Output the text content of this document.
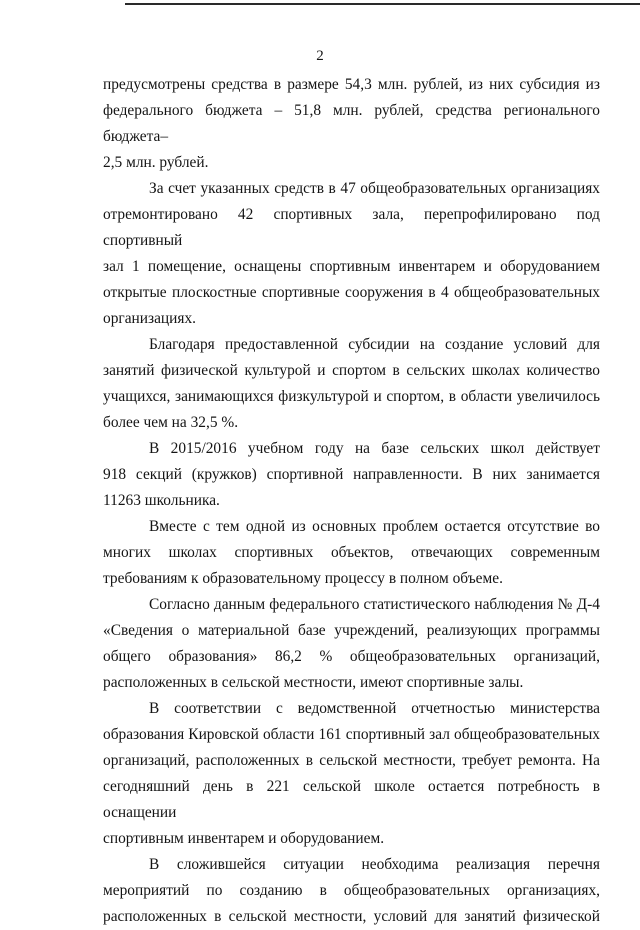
2
предусмотрены средства в размере 54,3 млн. рублей, из них субсидия из
федерального бюджета – 51,8 млн. рублей, средства регионального бюджета–
2,5 млн. рублей.
За счет указанных средств в 47 общеобразовательных организациях
отремонтировано 42 спортивных зала, перепрофилировано под спортивный
зал 1 помещение, оснащены спортивным инвентарем и оборудованием
открытые плоскостные спортивные сооружения в 4 общеобразовательных
организациях.
Благодаря предоставленной субсидии на создание условий для
занятий физической культурой и спортом в сельских школах количество
учащихся, занимающихся физкультурой и спортом, в области увеличилось
более чем на 32,5 %.
В 2015/2016 учебном году на базе сельских школ действует
918 секций (кружков) спортивной направленности. В них занимается
11263 школьника.
Вместе с тем одной из основных проблем остается отсутствие во
многих школах спортивных объектов, отвечающих современным
требованиям к образовательному процессу в полном объеме.
Согласно данным федерального статистического наблюдения № Д-4
«Сведения о материальной базе учреждений, реализующих программы
общего образования» 86,2 % общеобразовательных организаций,
расположенных в сельской местности, имеют спортивные залы.
В соответствии с ведомственной отчетностью министерства
образования Кировской области 161 спортивный зал общеобразовательных
организаций, расположенных в сельской местности, требует ремонта. На
сегодняшний день в 221 сельской школе остается потребность в оснащении
спортивным инвентарем и оборудованием.
В сложившейся ситуации необходима реализация перечня
мероприятий по созданию в общеобразовательных организациях,
расположенных в сельской местности, условий для занятий физической
